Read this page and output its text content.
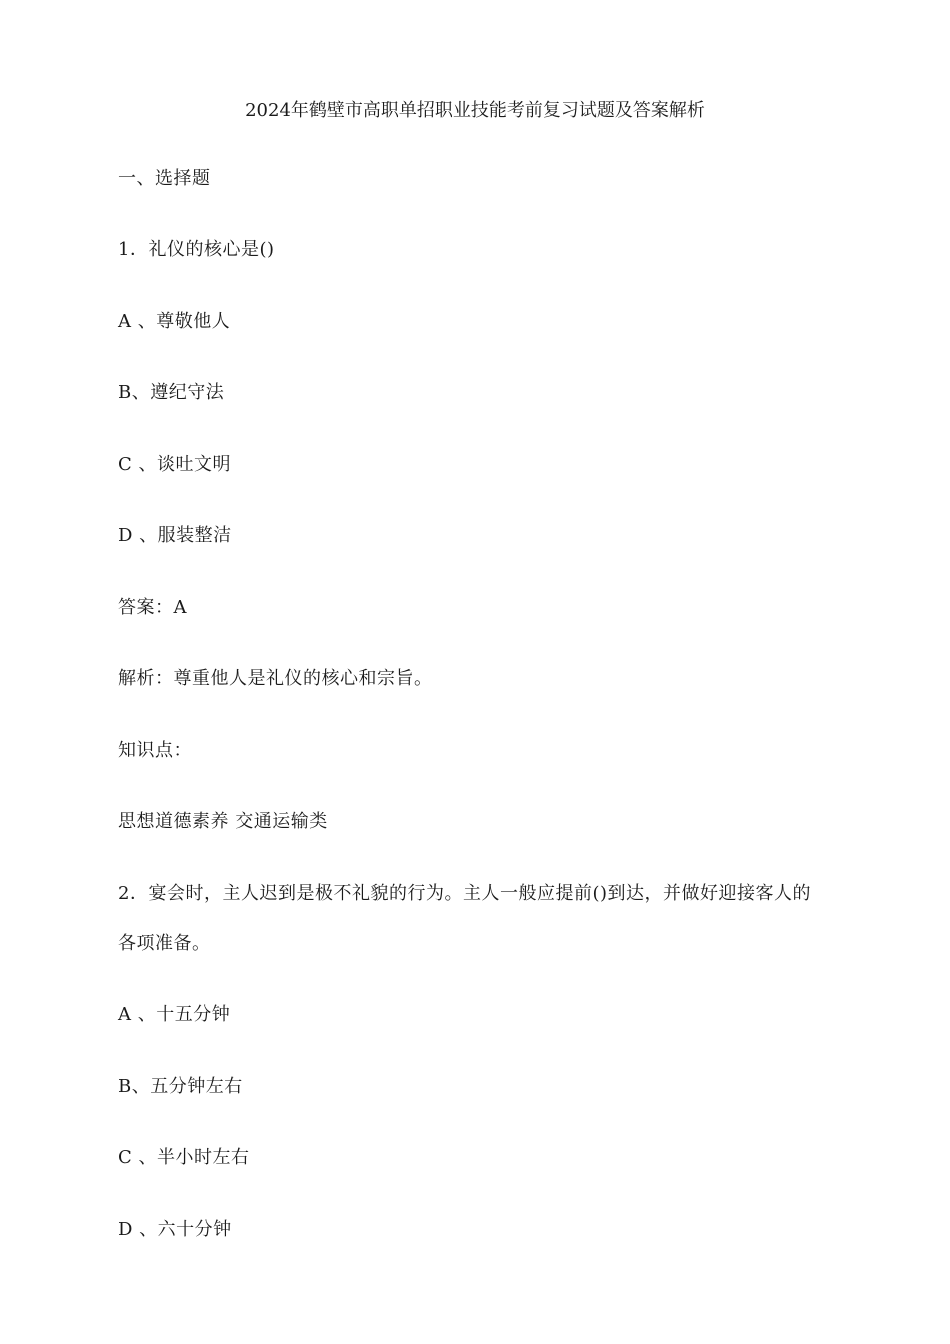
2024年鹤壁市高职单招职业技能考前复习试题及答案解析
一、选择题
1．礼仪的核心是()
A 、尊敬他人
B、遵纪守法
C 、谈吐文明
D 、服装整洁
答案：A
解析：尊重他人是礼仪的核心和宗旨。
知识点：
思想道德素养 交通运输类
2．宴会时，主人迟到是极不礼貌的行为。主人一般应提前()到达，并做好迎接客人的
各项准备。
A 、十五分钟
B、五分钟左右
C 、半小时左右
D 、六十分钟
